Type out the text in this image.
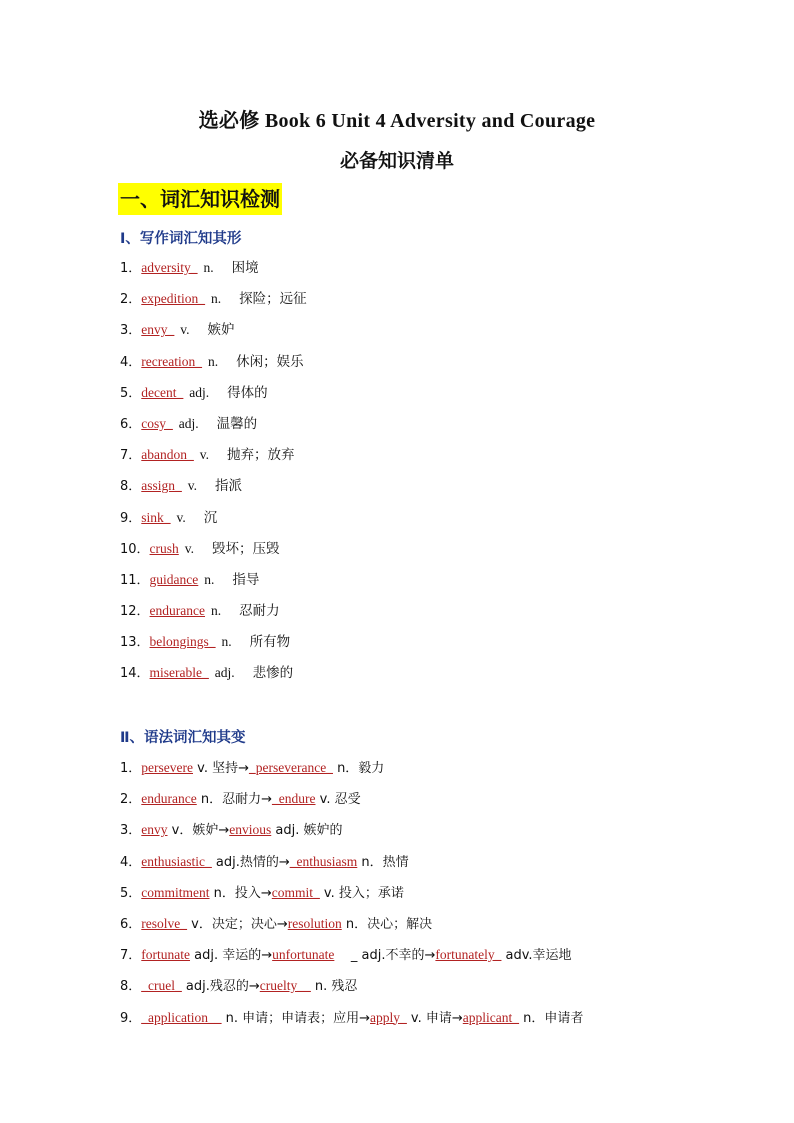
选必修 Book 6 Unit 4 Adversity and Courage
必备知识清单
一、词汇知识检测
Ⅰ、写作词汇知其形
1．adversity_ n. 困境
2．expedition_ n. 探险；远征
3．envy_ v. 嫉妒
4．recreation_ n. 休闲；娱乐
5．decent_ adj. 得体的
6．cosy_ adj. 温馨的
7．abandon_ v. 抛弃；放弃
8．assign_ v. 指派
9．sink_ v. 沉
10．crush v. 毁坏；压毁
11．guidance n. 指导
12．endurance n. 忍耐力
13．belongings_ n. 所有物
14．miserable_ adj. 悲惨的
Ⅱ、语法词汇知其变
1．persevere v. 坚持→_perseverance_ n．毅力
2．endurance n．忍耐力→_endure v. 忍受
3．envy v．嫉妒→envious adj. 嫉妒的
4．enthusiastic_ adj.热情的→_enthusiasm n．热情
5．commitment n．投入→commit_ v. 投入；承诺
6．resolve_ v．决定；决心→resolution n．决心；解决
7．fortunate adj. 幸运的→unfortunate    _ adj.不幸的→fortunately_ adv.幸运地
8．_cruel_ adj.残忍的→cruelty__ n. 残忍
9．_application__ n. 申请；申请表；应用→apply_ v. 申请→applicant_ n．申请者
